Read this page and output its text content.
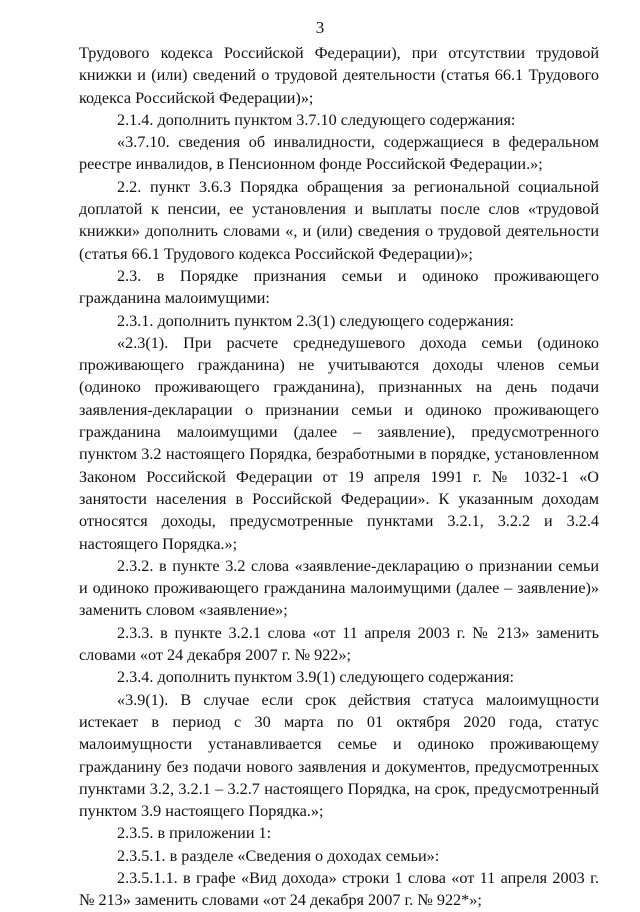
3

Трудового кодекса Российской Федерации), при отсутствии трудовой книжки и (или) сведений о трудовой деятельности (статья 66.1 Трудового кодекса Российской Федерации)»;

2.1.4. дополнить пунктом 3.7.10 следующего содержания:

«3.7.10. сведения об инвалидности, содержащиеся в федеральном реестре инвалидов, в Пенсионном фонде Российской Федерации.»;

2.2. пункт 3.6.3 Порядка обращения за региональной социальной доплатой к пенсии, ее установления и выплаты после слов «трудовой книжки» дополнить словами «, и (или) сведения о трудовой деятельности (статья 66.1 Трудового кодекса Российской Федерации)»;

2.3. в Порядке признания семьи и одиноко проживающего гражданина малоимущими:

2.3.1. дополнить пунктом 2.3(1) следующего содержания:

«2.3(1). При расчете среднедушевого дохода семьи (одиноко проживающего гражданина) не учитываются доходы членов семьи (одиноко проживающего гражданина), признанных на день подачи заявления-декларации о признании семьи и одиноко проживающего гражданина малоимущими (далее – заявление), предусмотренного пунктом 3.2 настоящего Порядка, безработными в порядке, установленном Законом Российской Федерации от 19 апреля 1991 г. № 1032-1 «О занятости населения в Российской Федерации». К указанным доходам относятся доходы, предусмотренные пунктами 3.2.1, 3.2.2 и 3.2.4 настоящего Порядка.»;

2.3.2. в пункте 3.2 слова «заявление-декларацию о признании семьи и одиноко проживающего гражданина малоимущими (далее – заявление)» заменить словом «заявление»;

2.3.3. в пункте 3.2.1 слова «от 11 апреля 2003 г. № 213» заменить словами «от 24 декабря 2007 г. № 922»;

2.3.4. дополнить пунктом 3.9(1) следующего содержания:

«3.9(1). В случае если срок действия статуса малоимущности истекает в период с 30 марта по 01 октября 2020 года, статус малоимущности устанавливается семье и одиноко проживающему гражданину без подачи нового заявления и документов, предусмотренных пунктами 3.2, 3.2.1 – 3.2.7 настоящего Порядка, на срок, предусмотренный пунктом 3.9 настоящего Порядка.»;

2.3.5. в приложении 1:

2.3.5.1. в разделе «Сведения о доходах семьи»:

2.3.5.1.1. в графе «Вид дохода» строки 1 слова «от 11 апреля 2003 г. № 213» заменить словами «от 24 декабря 2007 г. № 922*»;
